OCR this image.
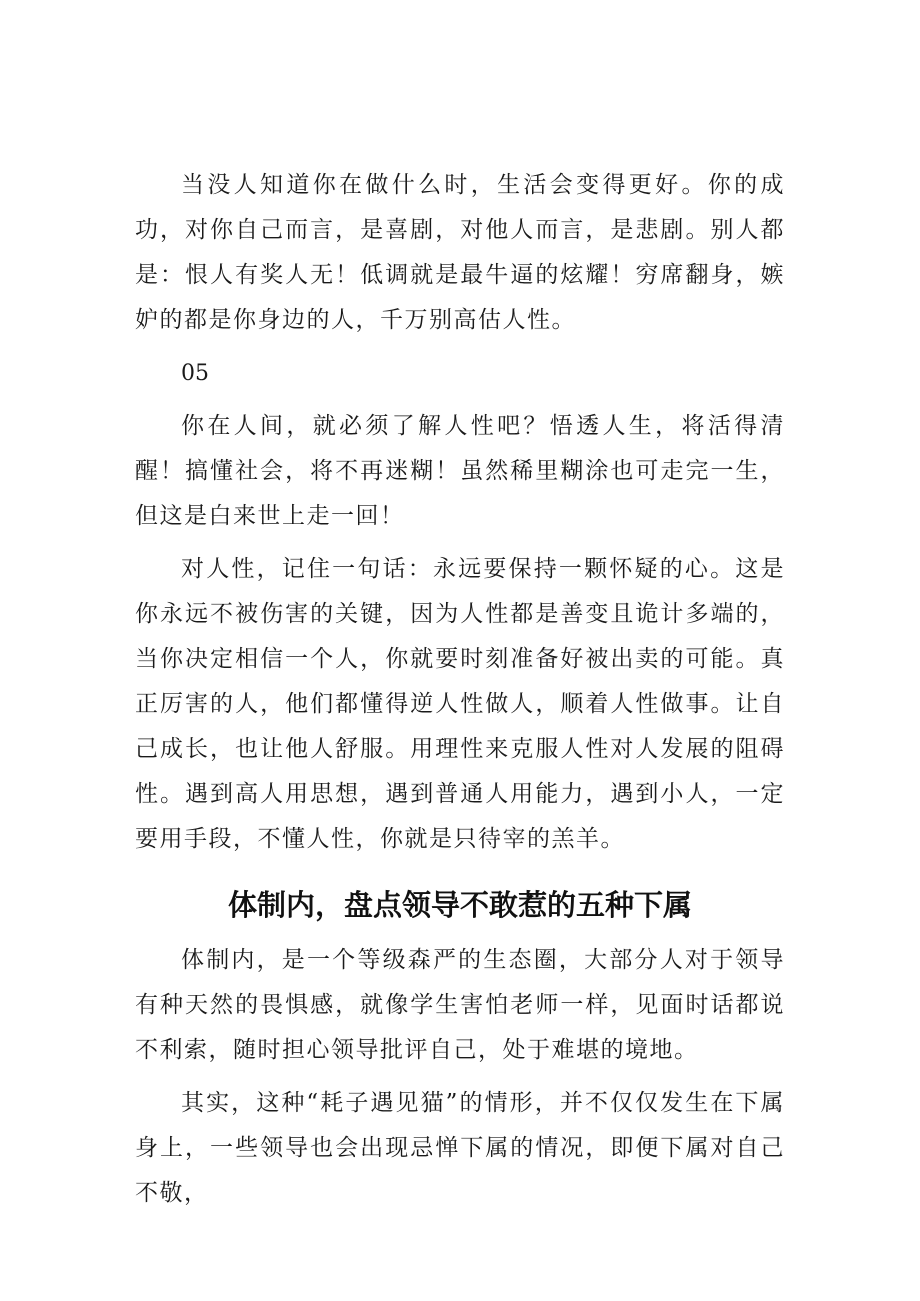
当没人知道你在做什么时，生活会变得更好。你的成功，对你自己而言，是喜剧，对他人而言，是悲剧。别人都是：恨人有奖人无！低调就是最牛逼的炫耀！穷席翻身，嫉妒的都是你身边的人，千万别高估人性。

05

你在人间，就必须了解人性吧？悟透人生，将活得清醒！搞懂社会，将不再迷糊！虽然稀里糊涂也可走完一生，但这是白来世上走一回！

对人性，记住一句话：永远要保持一颗怀疑的心。这是你永远不被伤害的关键，因为人性都是善变且诡计多端的，当你决定相信一个人，你就要时刻准备好被出卖的可能。真正厉害的人，他们都懂得逆人性做人，顺着人性做事。让自己成长，也让他人舒服。用理性来克服人性对人发展的阻碍性。遇到高人用思想，遇到普通人用能力，遇到小人，一定要用手段，不懂人性，你就是只待宰的羔羊。

体制内，盘点领导不敢惹的五种下属

体制内，是一个等级森严的生态圈，大部分人对于领导有种天然的畏惧感，就像学生害怕老师一样，见面时话都说不利索，随时担心领导批评自己，处于难堪的境地。

其实，这种“耗子遇见猫”的情形，并不仅仅发生在下属身上，一些领导也会出现忌惮下属的情况，即便下属对自己不敬，
